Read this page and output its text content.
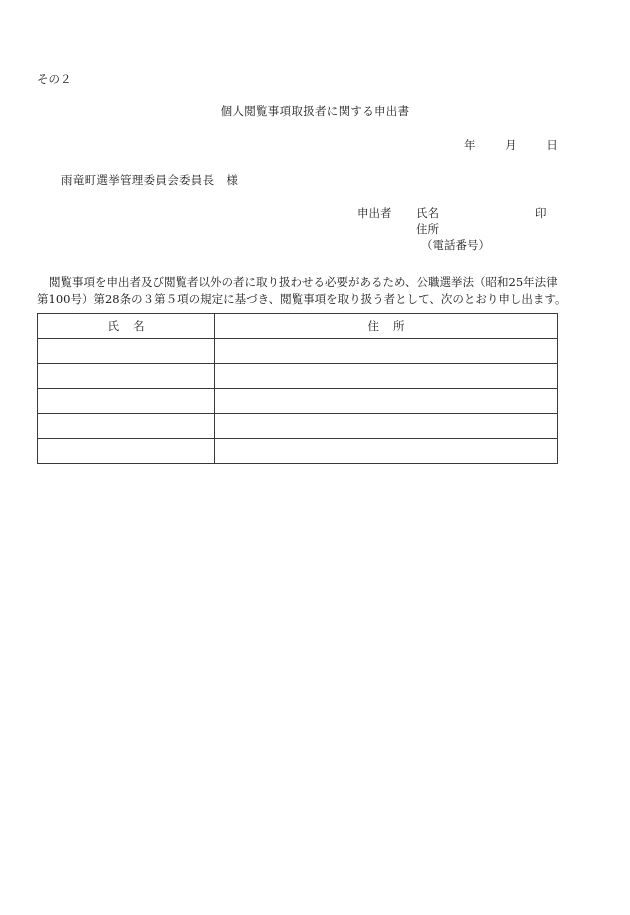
その２
個人閲覧事項取扱者に関する申出書
年	月	日
雨竜町選挙管理委員会委員長 様
申出者 氏名	印
住所
（電話番号）
閲覧事項を申出者及び閲覧者以外の者に取り扱わせる必要があるため、公職選挙法（昭和25年法律
第100号）第28条の３第５項の規定に基づき、閲覧事項を取り扱う者として、次のとおり申し出ます。
氏名	住所
